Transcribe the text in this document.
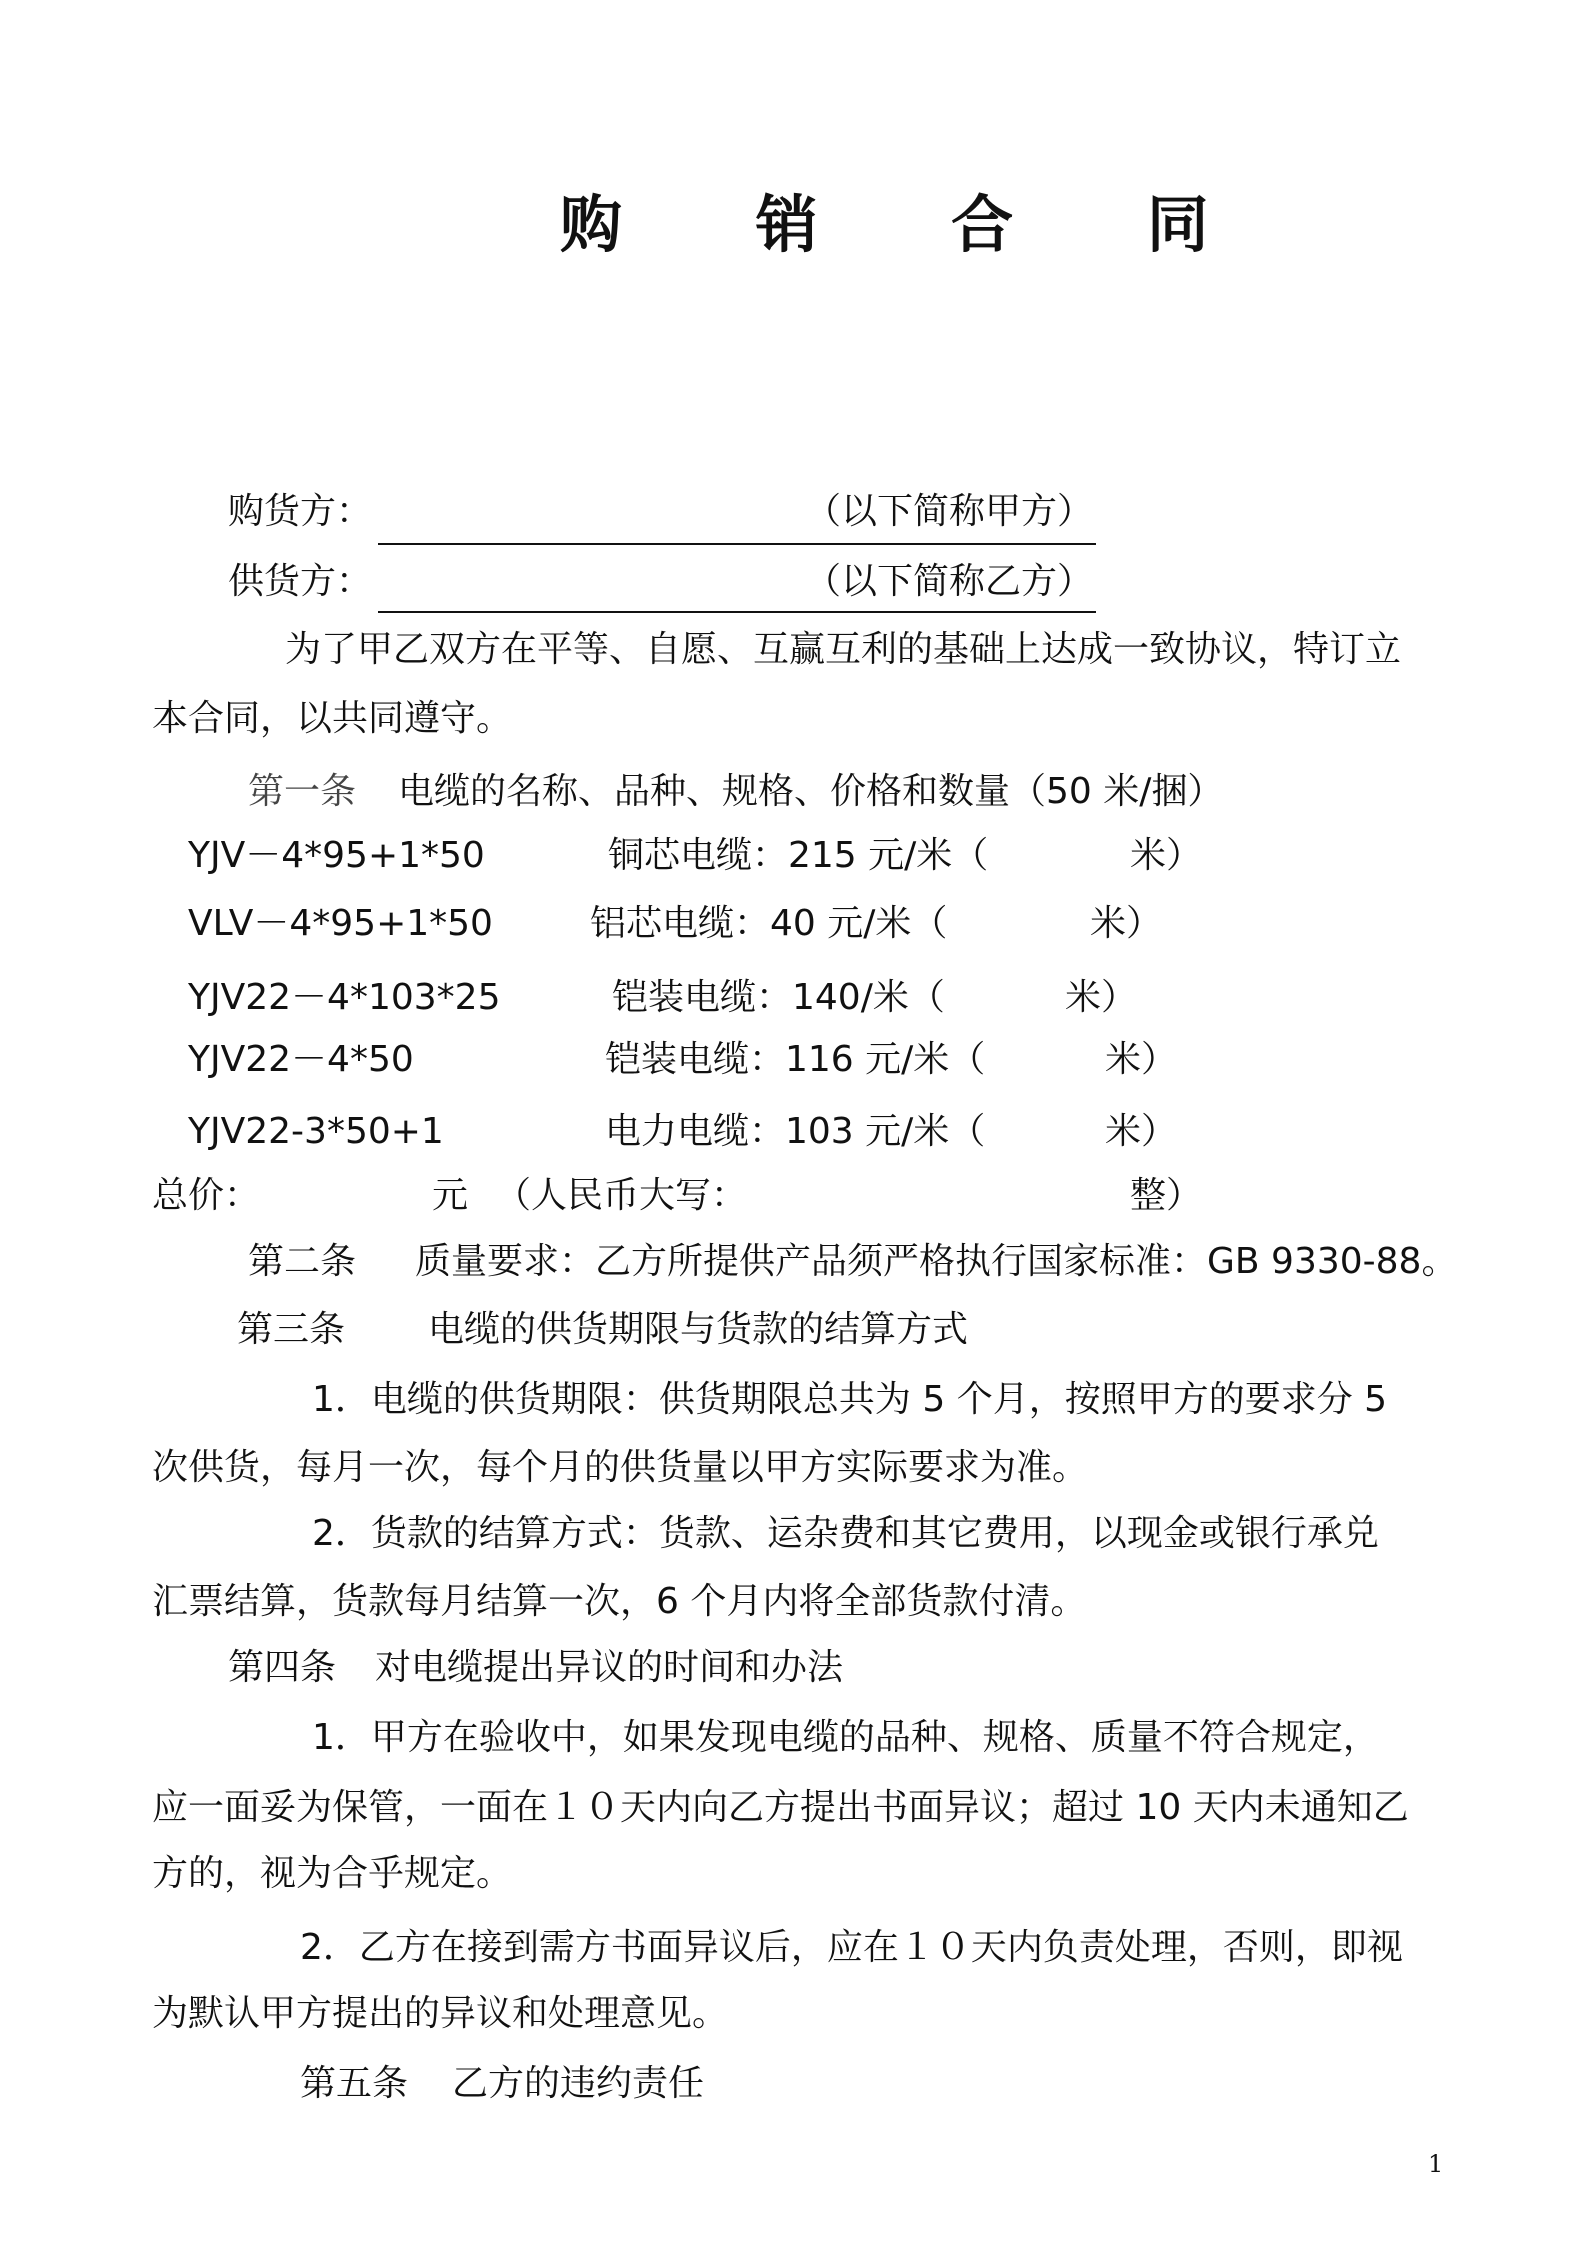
购 销 合 同
购货方：	（以下简称甲方）
供货方：	（以下简称乙方）
为了甲乙双方在平等、自愿、互赢互利的基础上达成一致协议，特订立
本合同，以共同遵守。
第一条 电缆的名称、品种、规格、价格和数量（50 米/捆）
YJV－4*95+1*50	铜芯电缆：215 元/米（	米）
VLV－4*95+1*50	铝芯电缆：40 元/米（	米）
YJV22－4*103*25	铠装电缆：140/米（	米）
YJV22－4*50	铠装电缆：116 元/米（	米）
YJV22-3*50+1	电力电缆：103 元/米（	米）
总价：	元 （人民币大写：	整）
第二条 质量要求：乙方所提供产品须严格执行国家标准：GB 9330-88。
第三条 电缆的供货期限与货款的结算方式
1．电缆的供货期限：供货期限总共为 5 个月，按照甲方的要求分 5
次供货，每月一次，每个月的供货量以甲方实际要求为准。
2．货款的结算方式：货款、运杂费和其它费用，以现金或银行承兑
汇票结算，货款每月结算一次，6 个月内将全部货款付清。
第四条 对电缆提出异议的时间和办法
1．甲方在验收中，如果发现电缆的品种、规格、质量不符合规定，
应一面妥为保管，一面在１０天内向乙方提出书面异议；超过 10 天内未通知乙
方的，视为合乎规定。
2．乙方在接到需方书面异议后，应在１０天内负责处理，否则，即视
为默认甲方提出的异议和处理意见。
第五条 乙方的违约责任
1
